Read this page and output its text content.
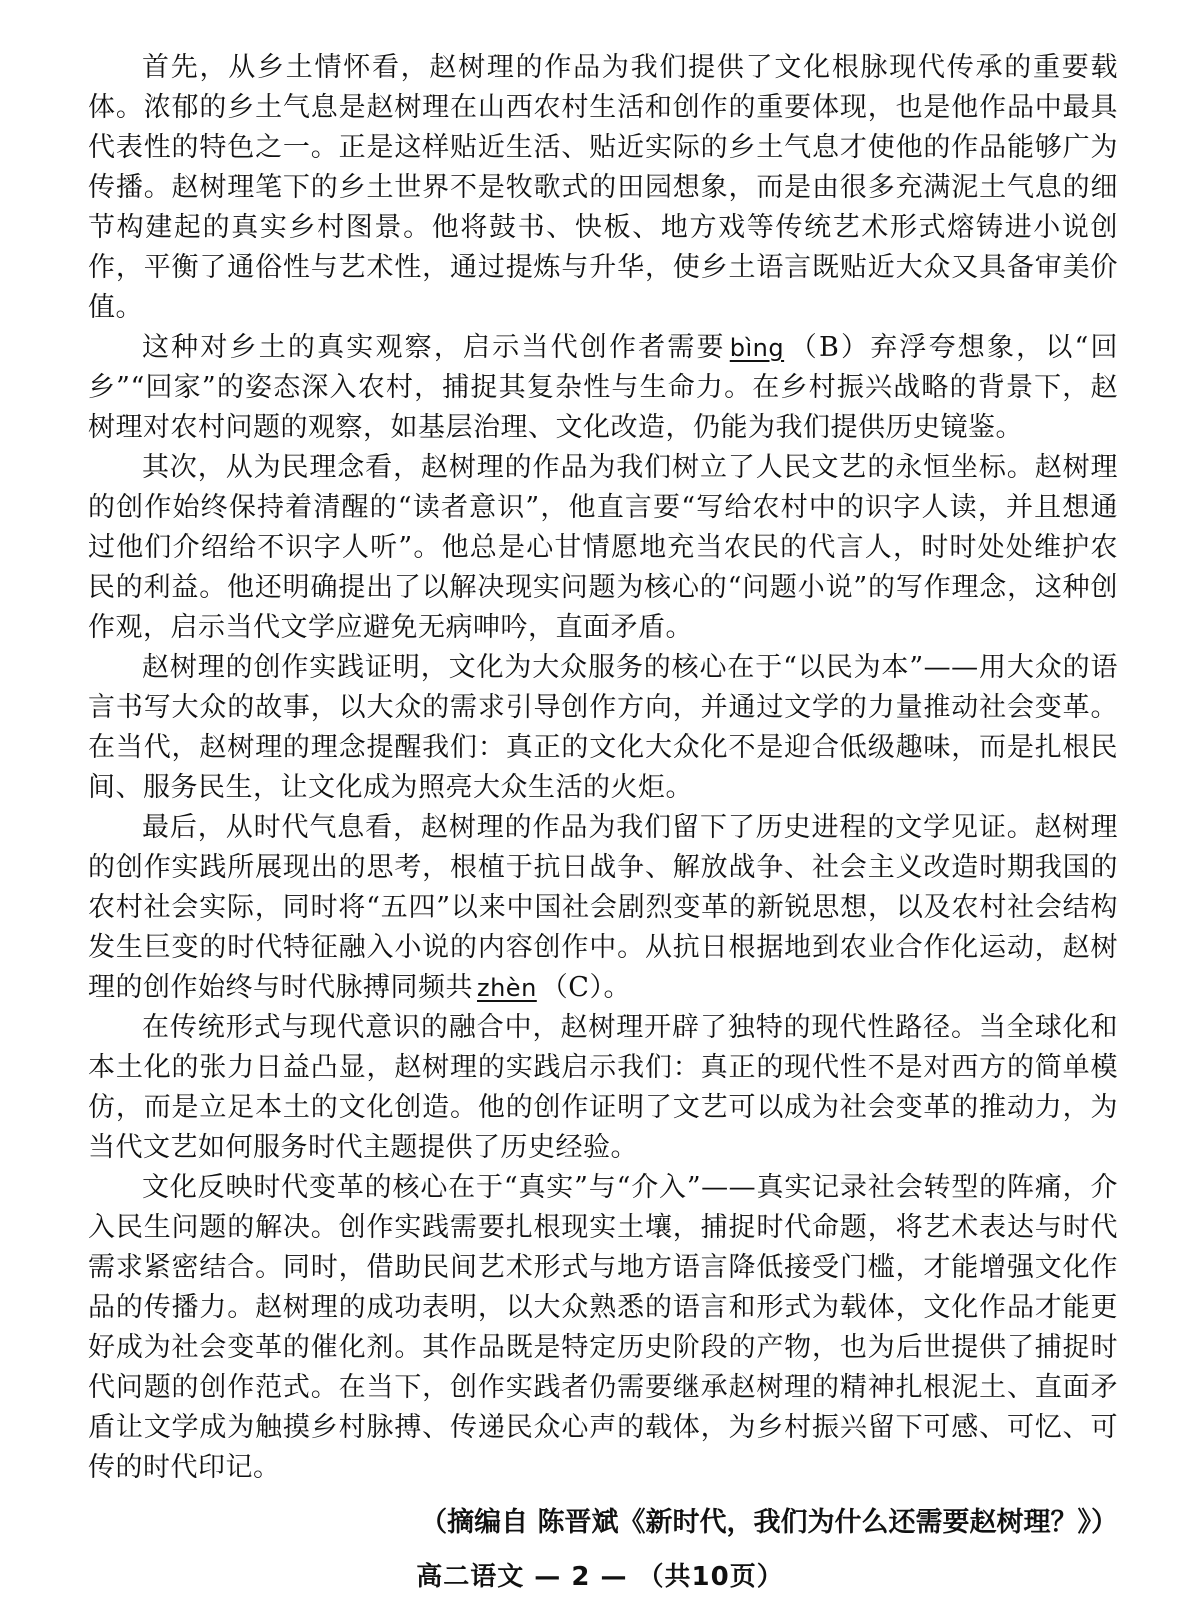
首先，从乡土情怀看，赵树理的作品为我们提供了文化根脉现代传承的重要载体。浓郁的乡土气息是赵树理在山西农村生活和创作的重要体现，也是他作品中最具代表性的特色之一。正是这样贴近生活、贴近实际的乡土气息才使他的作品能够广为传播。赵树理笔下的乡土世界不是牧歌式的田园想象，而是由很多充满泥土气息的细节构建起的真实乡村图景。他将鼓书、快板、地方戏等传统艺术形式熔铸进小说创作，平衡了通俗性与艺术性，通过提炼与升华，使乡土语言既贴近大众又具备审美价值。

这种对乡土的真实观察，启示当代创作者需要 bìng （B）弃浮夸想象，以“回乡”“回家”的姿态深入农村，捕捉其复杂性与生命力。在乡村振兴战略的背景下，赵树理对农村问题的观察，如基层治理、文化改造，仍能为我们提供历史镜鉴。

其次，从为民理念看，赵树理的作品为我们树立了人民文艺的永恒坐标。赵树理的创作始终保持着清醒的“读者意识”，他直言要“写给农村中的识字人读，并且想通过他们介绍给不识字人听”。他总是心甘情愿地充当农民的代言人，时时处处维护农民的利益。他还明确提出了以解决现实问题为核心的“问题小说”的写作理念，这种创作观，启示当代文学应避免无病呻吟，直面矛盾。

赵树理的创作实践证明，文化为大众服务的核心在于“以民为本”——用大众的语言书写大众的故事，以大众的需求引导创作方向，并通过文学的力量推动社会变革。在当代，赵树理的理念提醒我们：真正的文化大众化不是迎合低级趣味，而是扎根民间、服务民生，让文化成为照亮大众生活的火炬。

最后，从时代气息看，赵树理的作品为我们留下了历史进程的文学见证。赵树理的创作实践所展现出的思考，根植于抗日战争、解放战争、社会主义改造时期我国的农村社会实际，同时将“五四”以来中国社会剧烈变革的新锐思想，以及农村社会结构发生巨变的时代特征融入小说的内容创作中。从抗日根据地到农业合作化运动，赵树理的创作始终与时代脉搏同频共 zhèn （C）。

在传统形式与现代意识的融合中，赵树理开辟了独特的现代性路径。当全球化和本土化的张力日益凸显，赵树理的实践启示我们：真正的现代性不是对西方的简单模仿，而是立足本土的文化创造。他的创作证明了文艺可以成为社会变革的推动力，为当代文艺如何服务时代主题提供了历史经验。

文化反映时代变革的核心在于“真实”与“介入”——真实记录社会转型的阵痛，介入民生问题的解决。创作实践需要扎根现实土壤，捕捉时代命题，将艺术表达与时代需求紧密结合。同时，借助民间艺术形式与地方语言降低接受门槛，才能增强文化作品的传播力。赵树理的成功表明，以大众熟悉的语言和形式为载体，文化作品才能更好成为社会变革的催化剂。其作品既是特定历史阶段的产物，也为后世提供了捕捉时代问题的创作范式。在当下，创作实践者仍需要继承赵树理的精神扎根泥土、直面矛盾让文学成为触摸乡村脉搏、传递民众心声的载体，为乡村振兴留下可感、可忆、可传的时代印记。

（摘编自 陈晋斌《新时代，我们为什么还需要赵树理？》）
高二语文 — 2 — （共10页）
